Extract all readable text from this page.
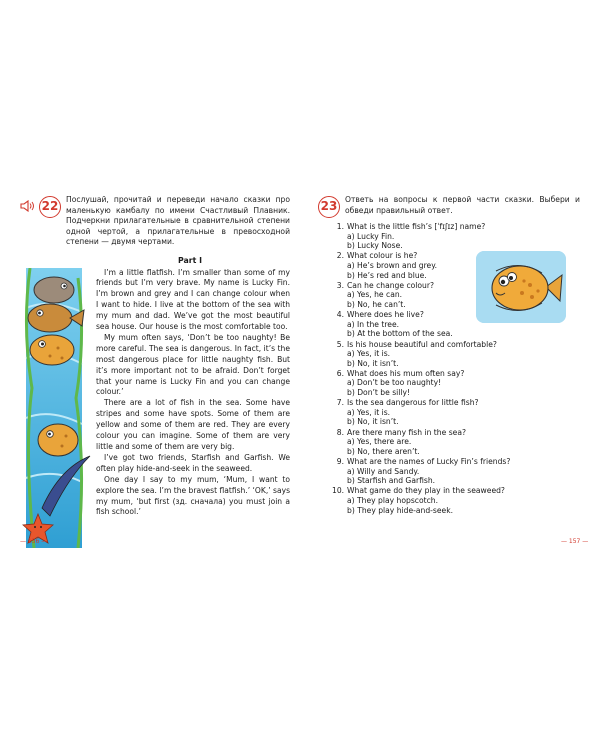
22	Послушай, прочитай и переведи начало сказки про маленькую камбалу по имени Счастливый Плавник. Подчеркни прилагательные в сравнительной степени одной чертой, а прилагательные в превосходной степени — двумя чертами.
Part I

I’m a little flatfish. I’m smaller than some of my friends but I’m very brave. My name is Lucky Fin. I’m brown and grey and I can change colour when I want to hide. I live at the bottom of the sea with my mum and dad. We’ve got the most beautiful sea house. Our house is the most comfortable too.

My mum often says, ‘Don’t be too naughty! Be more careful. The sea is dangerous. In fact, it’s the most dangerous place for little naughty fish. But it’s more important not to be afraid. Don’t forget that your name is Lucky Fin and you can change colour.’

There are a lot of fish in the sea. Some have stripes and some have spots. Some of them are yellow and some of them are red. They are every colour you can imagine. Some of them are very little and some of them are very big.

I’ve got two friends, Starfish and Garfish. We often play hide-and-seek in the seaweed.

One day I say to my mum, ‘Mum, I want to explore the sea. I’m the bravest flatfish.’ ‘OK,’ says my mum, ‘but first (зд. сначала) you must join a fish school.’

23	Ответь на вопросы к первой части сказки. Выбери и обведи правильный ответ.
1. What is the little fish’s [ˈfɪʃɪz] name?
a) Lucky Fin.
b) Lucky Nose.
2. What colour is he?
a) He’s brown and grey.
b) He’s red and blue.
3. Can he change colour?
a) Yes, he can.
b) No, he can’t.
4. Where does he live?
a) In the tree.
b) At the bottom of the sea.
5. Is his house beautiful and comfortable?
a) Yes, it is.
b) No, it isn’t.
6. What does his mum often say?
a) Don’t be too naughty!
b) Don’t be silly!
7. Is the sea dangerous for little fish?
a) Yes, it is.
b) No, it isn’t.
8. Are there many fish in the sea?
a) Yes, there are.
b) No, there aren’t.
9. What are the names of Lucky Fin’s friends?
a) Willy and Sandy.
b) Starfish and Garfish.
10. What game do they play in the seaweed?
a) They play hopscotch.
b) They play hide-and-seek.
— 156 —	— 157 —
